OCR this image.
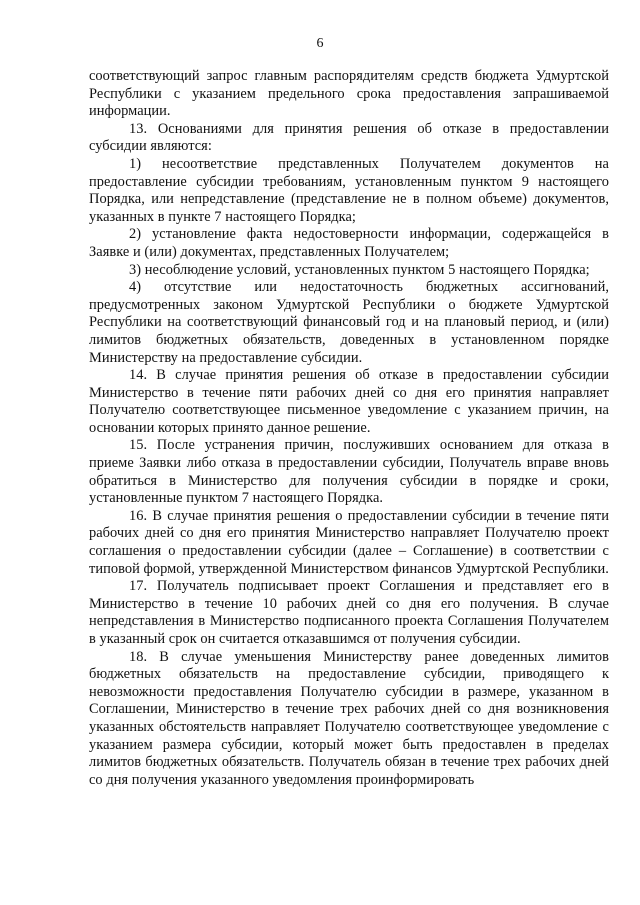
6

соответствующий запрос главным распорядителям средств бюджета Удмуртской Республики с указанием предельного срока предоставления запрашиваемой информации.

13. Основаниями для принятия решения об отказе в предоставлении субсидии являются:

1) несоответствие представленных Получателем документов на предоставление субсидии требованиям, установленным пунктом 9 настоящего Порядка, или непредставление (представление не в полном объеме) документов, указанных в пункте 7 настоящего Порядка;

2) установление факта недостоверности информации, содержащейся в Заявке и (или) документах, представленных Получателем;

3) несоблюдение условий, установленных пунктом 5 настоящего Порядка;

4) отсутствие или недостаточность бюджетных ассигнований, предусмотренных законом Удмуртской Республики о бюджете Удмуртской Республики на соответствующий финансовый год и на плановый период, и (или) лимитов бюджетных обязательств, доведенных в установленном порядке Министерству на предоставление субсидии.

14. В случае принятия решения об отказе в предоставлении субсидии Министерство в течение пяти рабочих дней со дня его принятия направляет Получателю соответствующее письменное уведомление с указанием причин, на основании которых принято данное решение.

15. После устранения причин, послуживших основанием для отказа в приеме Заявки либо отказа в предоставлении субсидии, Получатель вправе вновь обратиться в Министерство для получения субсидии в порядке и сроки, установленные пунктом 7 настоящего Порядка.

16. В случае принятия решения о предоставлении субсидии в течение пяти рабочих дней со дня его принятия Министерство направляет Получателю проект соглашения о предоставлении субсидии (далее – Соглашение) в соответствии с типовой формой, утвержденной Министерством финансов Удмуртской Республики.

17. Получатель подписывает проект Соглашения и представляет его в Министерство в течение 10 рабочих дней со дня его получения. В случае непредставления в Министерство подписанного проекта Соглашения Получателем в указанный срок он считается отказавшимся от получения субсидии.

18. В случае уменьшения Министерству ранее доведенных лимитов бюджетных обязательств на предоставление субсидии, приводящего к невозможности предоставления Получателю субсидии в размере, указанном в Соглашении, Министерство в течение трех рабочих дней со дня возникновения указанных обстоятельств направляет Получателю соответствующее уведомление с указанием размера субсидии, который может быть предоставлен в пределах лимитов бюджетных обязательств. Получатель обязан в течение трех рабочих дней со дня получения указанного уведомления проинформировать
